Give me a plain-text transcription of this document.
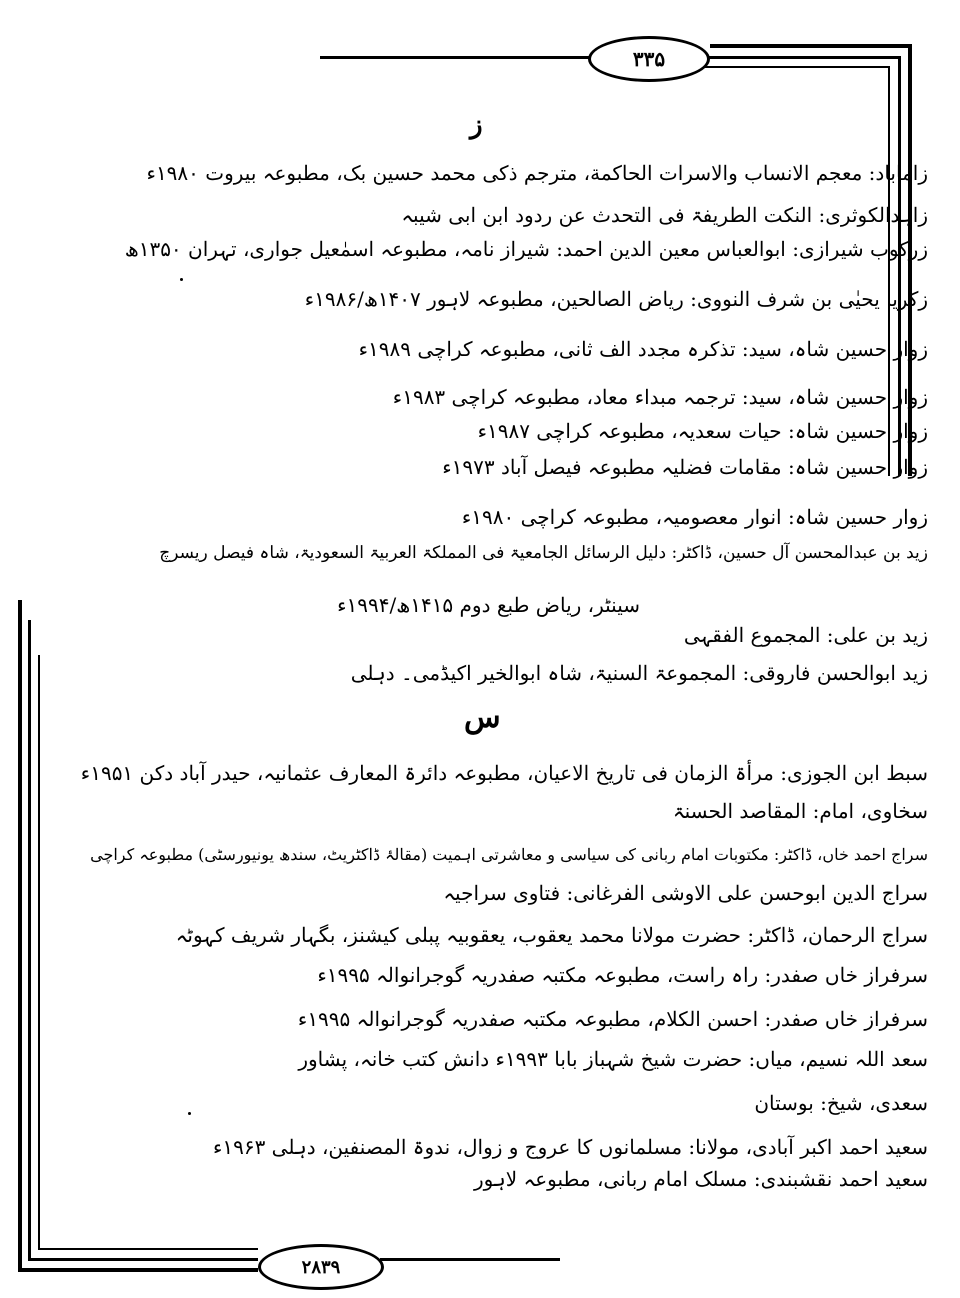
۳۳۵
۲۸۳۹
ز
زاماباد: معجم الانساب والاسرات الحاکمة، مترجم ذکی محمد حسین بک، مطبوعہ بیروت ۱۹۸۰ء
زاہدالکوثری: النکت الطریفۃ فی التحدث عن ردود ابن ابی شیبہ
زرکوب شیرازی: ابوالعباس معین الدین احمد: شیراز نامہ، مطبوعہ اسمٰعیل جواری، تہران ۱۳۵۰ھ
زکریا یحیٰی بن شرف النووی: ریاض الصالحین، مطبوعہ لاہور ۱۴۰۷ھ/۱۹۸۶ء
زوار حسین شاہ، سید: تذکرہ مجدد الف ثانی، مطبوعہ کراچی ۱۹۸۹ء
زوار حسین شاہ، سید: ترجمہ مبداء معاد، مطبوعہ کراچی ۱۹۸۳ء
زوار حسین شاہ: حیات سعدیہ، مطبوعہ کراچی ۱۹۸۷ء
زوار حسین شاہ: مقامات فضلیہ مطبوعہ فیصل آباد ۱۹۷۳ء
زوار حسین شاہ: انوار معصومیہ، مطبوعہ کراچی ۱۹۸۰ء
زید بن عبدالمحسن آل حسین، ڈاکٹر: دلیل الرسائل الجامعیۃ فی المملکۃ العربیۃ السعودیۃ، شاہ فیصل ریسرچ
سینٹر، ریاض طبع دوم ۱۴۱۵ھ/۱۹۹۴ء
زید بن علی: المجموع الفقہی
زید ابوالحسن فاروقی: المجموعۃ السنیۃ، شاہ ابوالخیر اکیڈمی۔ دہلی
س
سبط ابن الجوزی: مرأۃ الزمان فی تاریخ الاعیان، مطبوعہ دائرۃ المعارف عثمانیہ، حیدر آباد دکن ۱۹۵۱ء
سخاوی، امام: المقاصد الحسنۃ
سراج احمد خاں، ڈاکٹر: مکتوبات امام ربانی کی سیاسی و معاشرتی اہمیت (مقالۂ ڈاکٹریٹ، سندھ یونیورسٹی) مطبوعہ کراچی
سراج الدین ابوحسن علی الاوشی الفرغانی: فتاوی سراجیہ
سراج الرحمان، ڈاکٹر: حضرت مولانا محمد یعقوب، یعقوبیہ پبلی کیشنز، بگہار شریف کہوٹہ
سرفراز خاں صفدر: راہ راست، مطبوعہ مکتبہ صفدریہ گوجرانوالہ ۱۹۹۵ء
سرفراز خاں صفدر: احسن الکلام، مطبوعہ مکتبہ صفدریہ گوجرانوالہ ۱۹۹۵ء
سعد اللہ نسیم، میاں: حضرت شیخ شہباز بابا ۱۹۹۳ء دانش کتب خانہ، پشاور
سعدی، شیخ: بوستان
سعید احمد اکبر آبادی، مولانا: مسلمانوں کا عروج و زوال، ندوۃ المصنفین، دہلی ۱۹۶۳ء
سعید احمد نقشبندی: مسلک امام ربانی، مطبوعہ لاہور
